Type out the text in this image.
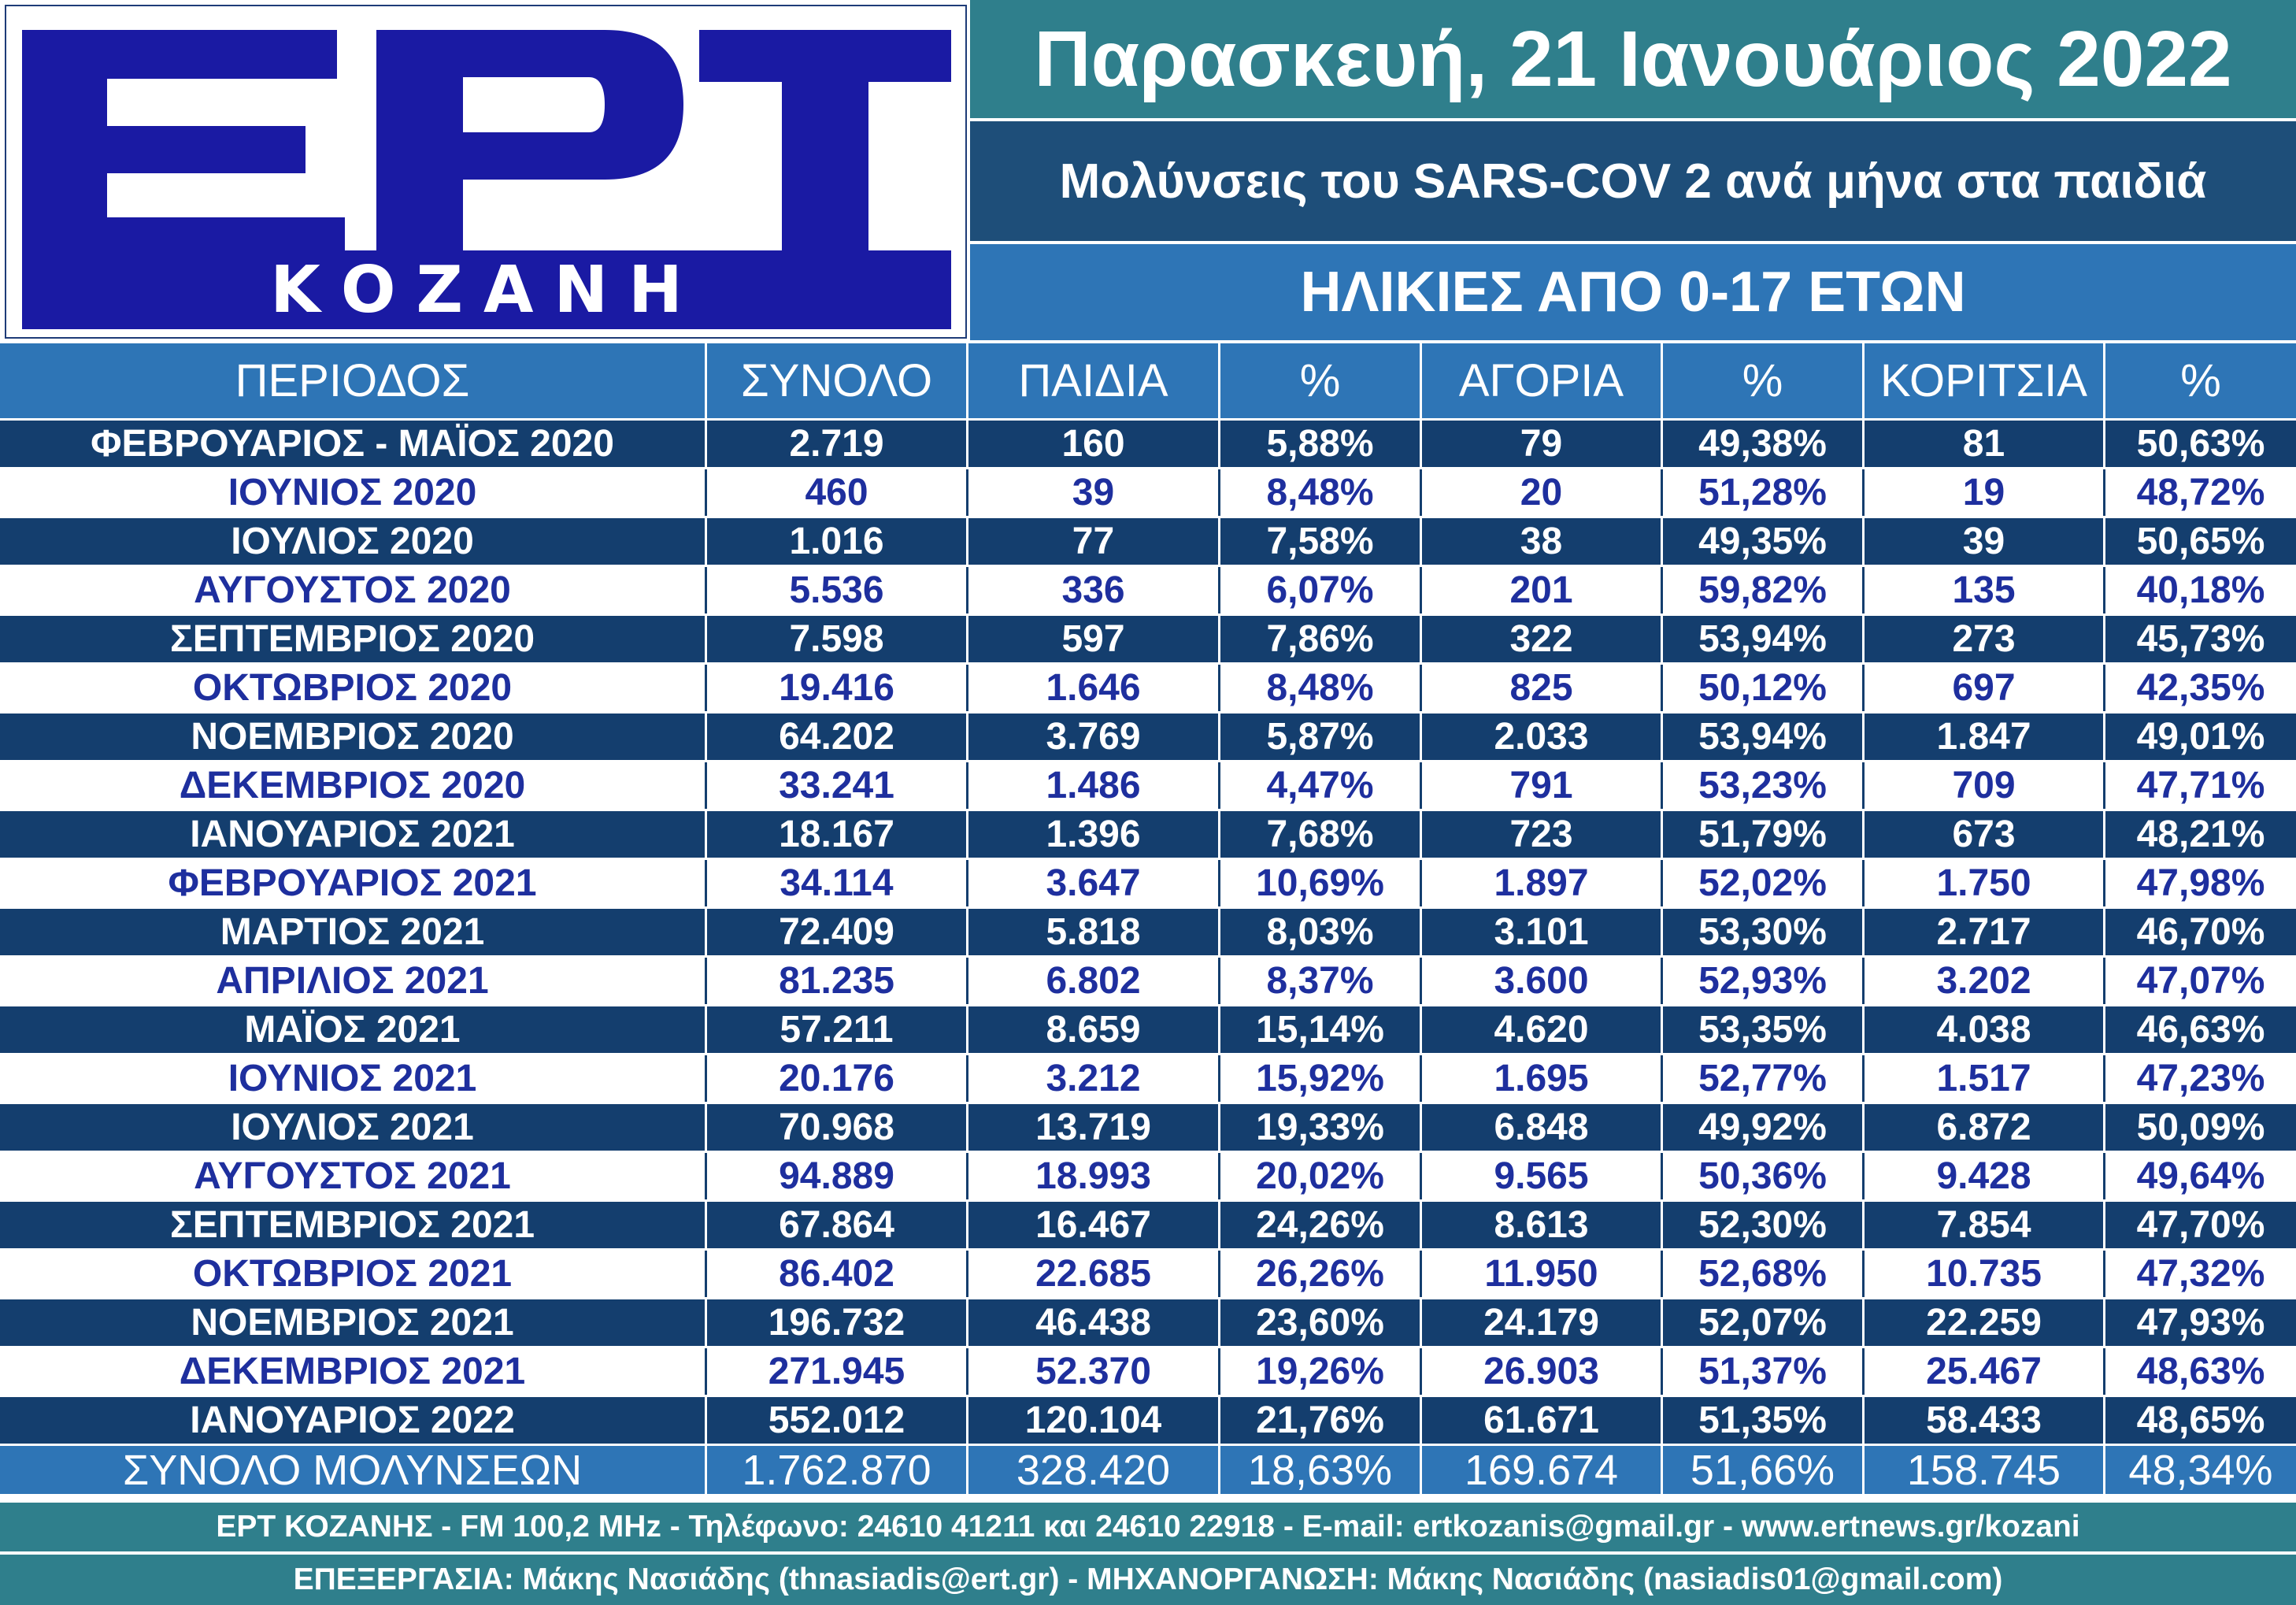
ΚΟΖΑΝΗ
Παρασκευή, 21 Ιανουάριος 2022
Μολύνσεις του SARS-COV 2 ανά μήνα στα παιδιά
ΗΛΙΚΙΕΣ ΑΠΟ 0-17 ΕΤΩΝ
ΠΕΡΙΟΔΟΣ	ΣΥΝΟΛΟ	ΠΑΙΔΙΑ	%	ΑΓΟΡΙΑ	%	ΚΟΡΙΤΣΙΑ	%
ΦΕΒΡΟΥΑΡΙΟΣ - ΜΑΪΟΣ 2020	2.719	160	5,88%	79	49,38%	81	50,63%
ΙΟΥΝΙΟΣ 2020	460	39	8,48%	20	51,28%	19	48,72%
ΙΟΥΛΙΟΣ 2020	1.016	77	7,58%	38	49,35%	39	50,65%
ΑΥΓΟΥΣΤΟΣ 2020	5.536	336	6,07%	201	59,82%	135	40,18%
ΣΕΠΤΕΜΒΡΙΟΣ 2020	7.598	597	7,86%	322	53,94%	273	45,73%
ΟΚΤΩΒΡΙΟΣ 2020	19.416	1.646	8,48%	825	50,12%	697	42,35%
ΝΟΕΜΒΡΙΟΣ 2020	64.202	3.769	5,87%	2.033	53,94%	1.847	49,01%
ΔΕΚΕΜΒΡΙΟΣ 2020	33.241	1.486	4,47%	791	53,23%	709	47,71%
ΙΑΝΟΥΑΡΙΟΣ 2021	18.167	1.396	7,68%	723	51,79%	673	48,21%
ΦΕΒΡΟΥΑΡΙΟΣ 2021	34.114	3.647	10,69%	1.897	52,02%	1.750	47,98%
ΜΑΡΤΙΟΣ 2021	72.409	5.818	8,03%	3.101	53,30%	2.717	46,70%
ΑΠΡΙΛΙΟΣ 2021	81.235	6.802	8,37%	3.600	52,93%	3.202	47,07%
ΜΑΪΟΣ 2021	57.211	8.659	15,14%	4.620	53,35%	4.038	46,63%
ΙΟΥΝΙΟΣ 2021	20.176	3.212	15,92%	1.695	52,77%	1.517	47,23%
ΙΟΥΛΙΟΣ 2021	70.968	13.719	19,33%	6.848	49,92%	6.872	50,09%
ΑΥΓΟΥΣΤΟΣ 2021	94.889	18.993	20,02%	9.565	50,36%	9.428	49,64%
ΣΕΠΤΕΜΒΡΙΟΣ 2021	67.864	16.467	24,26%	8.613	52,30%	7.854	47,70%
ΟΚΤΩΒΡΙΟΣ 2021	86.402	22.685	26,26%	11.950	52,68%	10.735	47,32%
ΝΟΕΜΒΡΙΟΣ 2021	196.732	46.438	23,60%	24.179	52,07%	22.259	47,93%
ΔΕΚΕΜΒΡΙΟΣ 2021	271.945	52.370	19,26%	26.903	51,37%	25.467	48,63%
ΙΑΝΟΥΑΡΙΟΣ 2022	552.012	120.104	21,76%	61.671	51,35%	58.433	48,65%
ΣΥΝΟΛΟ ΜΟΛΥΝΣΕΩΝ	1.762.870	328.420	18,63%	169.674	51,66%	158.745	48,34%
ΕΡΤ ΚΟΖΑΝΗΣ - FM 100,2 MHz - Τηλέφωνο: 24610 41211 και 24610 22918 - E-mail: ertkozanis@gmail.gr - www.ertnews.gr/kozani
ΕΠΕΞΕΡΓΑΣΙΑ: Μάκης Νασιάδης (thnasiadis@ert.gr) - ΜΗΧΑΝΟΡΓΑΝΩΣΗ: Μάκης Νασιάδης (nasiadis01@gmail.com)
